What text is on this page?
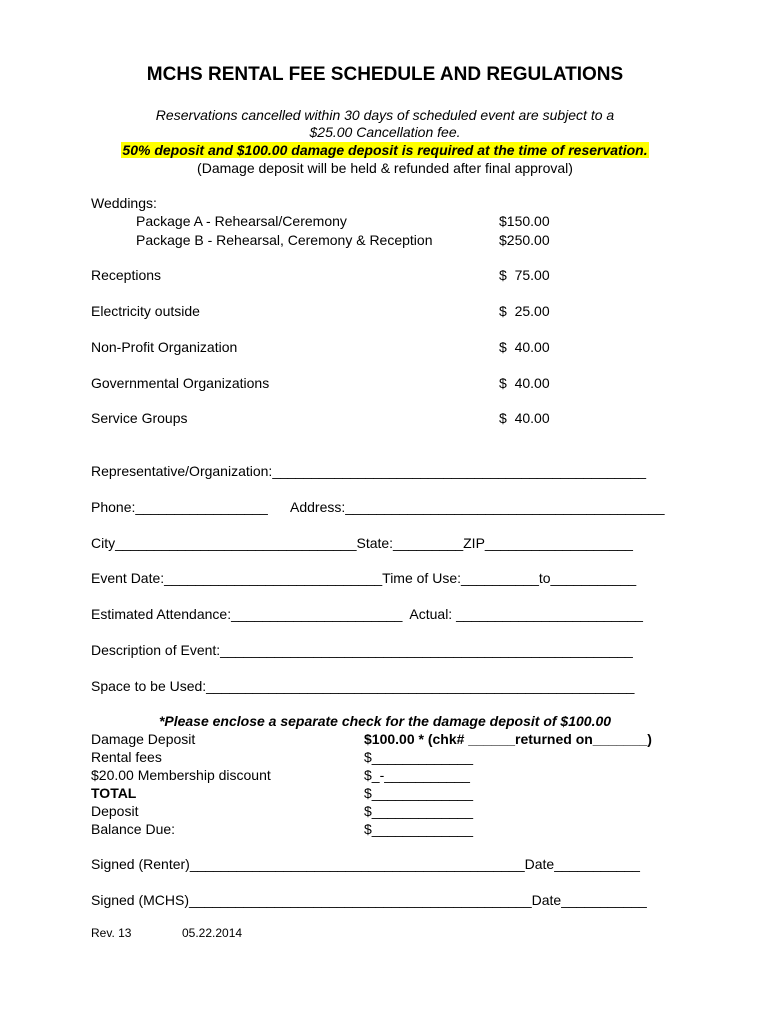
MCHS RENTAL FEE SCHEDULE AND REGULATIONS
Reservations cancelled within 30 days of scheduled event are subject to a
$25.00 Cancellation fee.
50% deposit and $100.00 damage deposit is required at the time of reservation.
(Damage deposit will be held & refunded after final approval)
Weddings:
Package A - Rehearsal/Ceremony	$150.00
Package B - Rehearsal, Ceremony & Reception	$250.00
Receptions	$  75.00
Electricity outside	$  25.00
Non-Profit Organization	$  40.00
Governmental Organizations	$  40.00
Service Groups	$  40.00
Representative/Organization:________________________________________________
Phone:_________________ Address:_________________________________________
City_______________________________State:_________ZIP___________________
Event Date:____________________________Time of Use:__________to___________
Estimated Attendance:______________________  Actual: ________________________
Description of Event:_____________________________________________________
Space to be Used:_______________________________________________________
*Please enclose a separate check for the damage deposit of $100.00
Damage Deposit	$100.00 * (chk# ______returned on_______)
Rental fees	$_____________
$20.00 Membership discount	$_-___________
TOTAL	$_____________
Deposit	$_____________
Balance Due:	$_____________
Signed (Renter)___________________________________________Date___________
Signed (MCHS)____________________________________________Date___________
Rev. 13	05.22.2014
